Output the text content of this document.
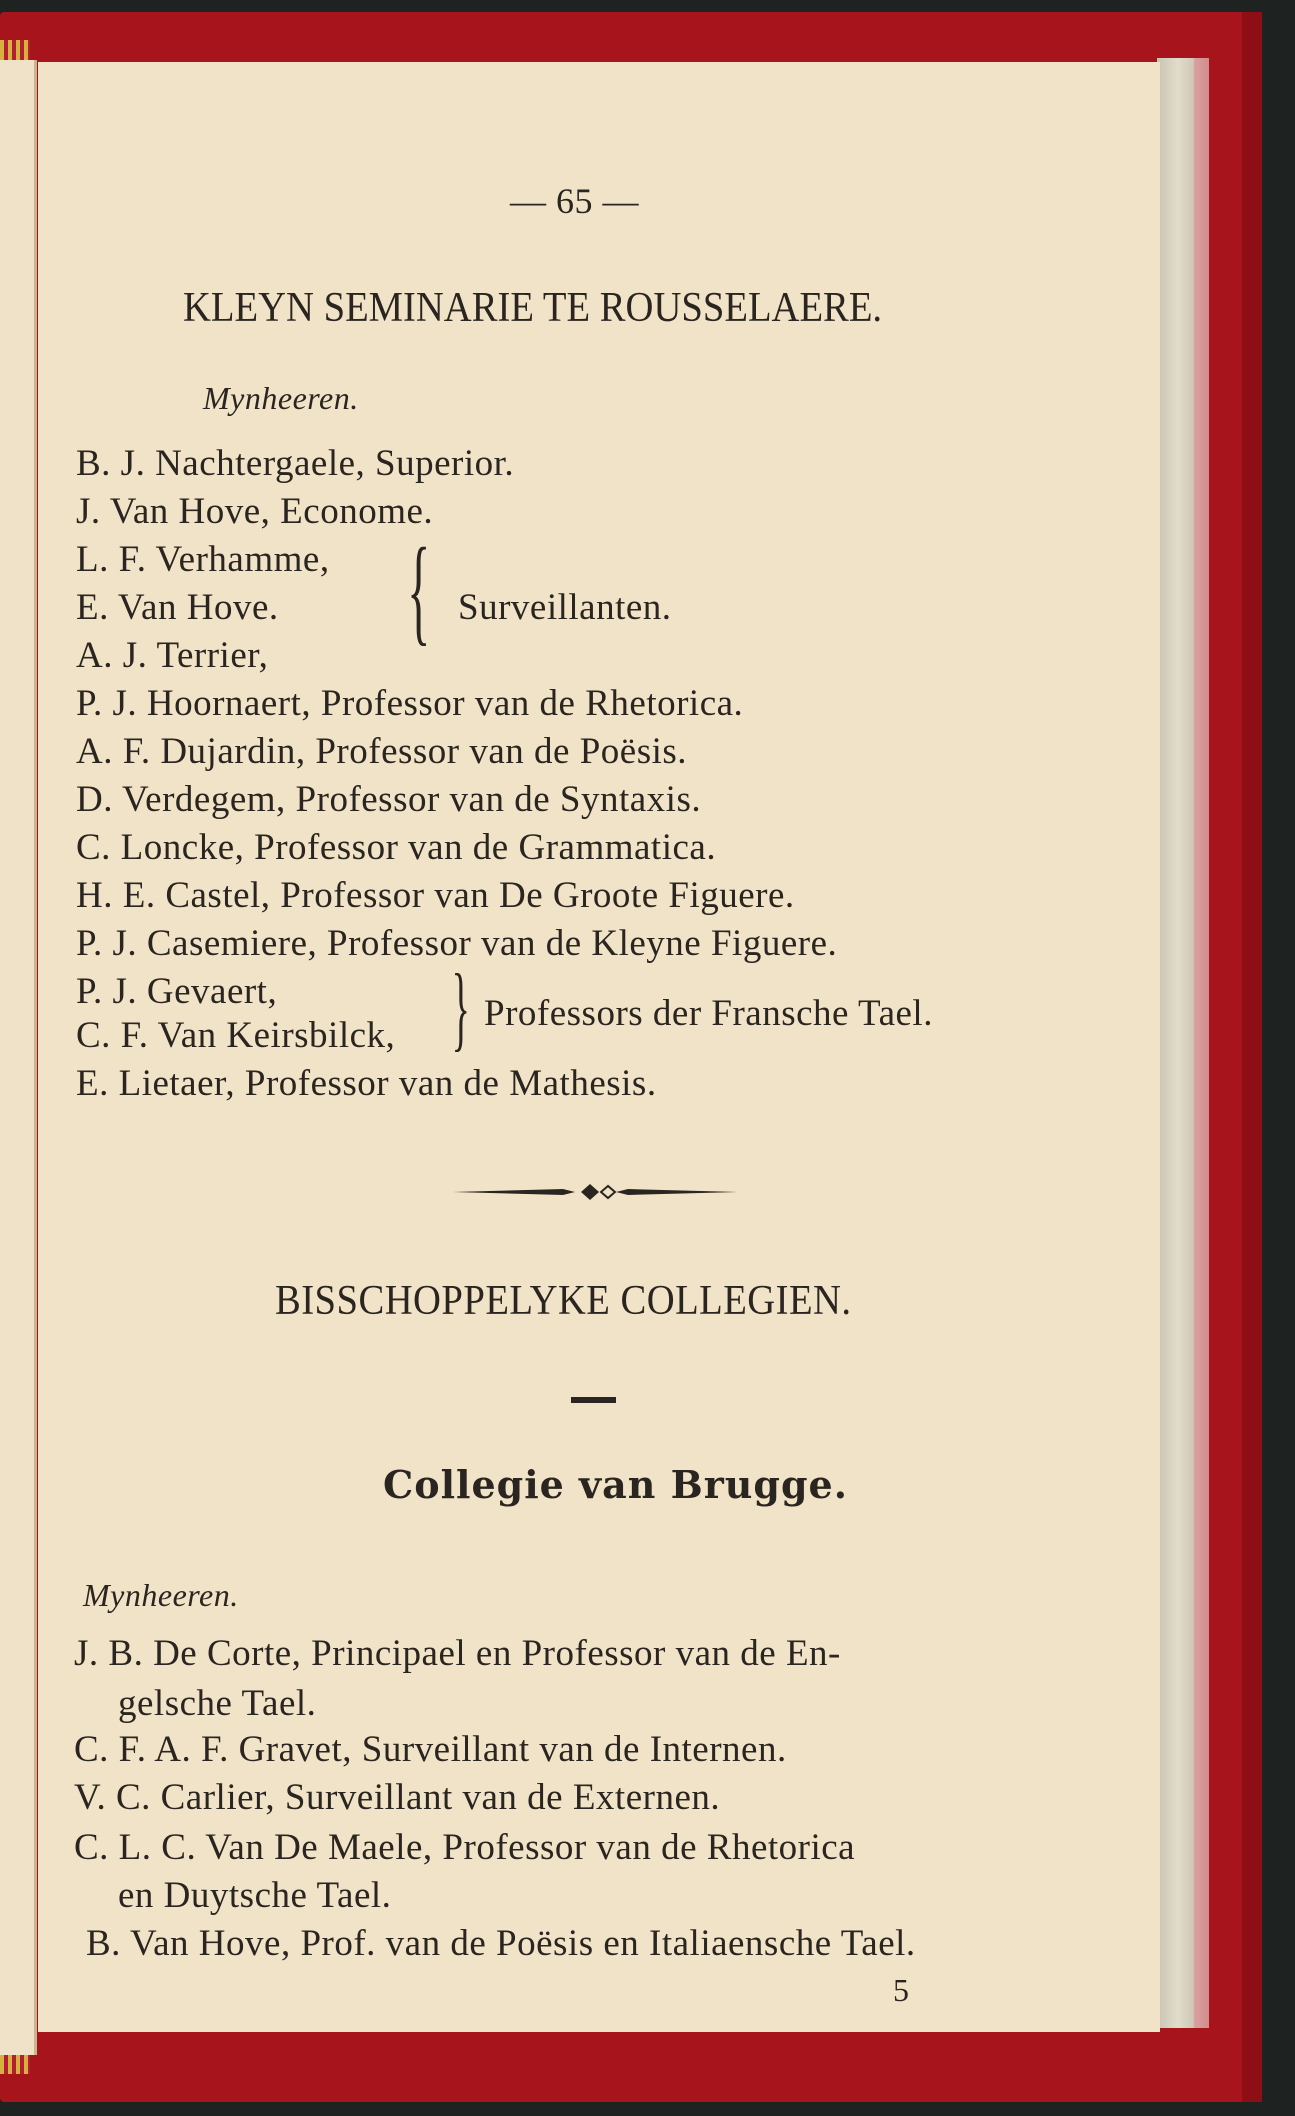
— 65 —
KLEYN SEMINARIE TE ROUSSELAERE.
Mynheeren.
B. J. Nachtergaele, Superior.
J. Van Hove, Econome.
L. F. Verhamme,
E. Van Hove.
A. J. Terrier, { Surveillanten.
P. J. Hoornaert, Professor van de Rhetorica.
A. F. Dujardin, Professor van de Poësis.
D. Verdegem, Professor van de Syntaxis.
C. Loncke, Professor van de Grammatica.
H. E. Castel, Professor van De Groote Figuere.
P. J. Casemiere, Professor van de Kleyne Figuere.
P. J. Gevaert,
C. F. Van Keirsbilck, } Professors der Fransche Tael.
E. Lietaer, Professor van de Mathesis.
BISSCHOPPELYKE COLLEGIEN.
Collegie van Brugge.
Mynheeren.
J. B. De Corte, Principael en Professor van de En-
gelsche Tael.
C. F. A. F. Gravet, Surveillant van de Internen.
V. C. Carlier, Surveillant van de Externen.
C. L. C. Van De Maele, Professor van de Rhetorica
en Duytsche Tael.
B. Van Hove, Prof. van de Poësis en Italiaensche Tael.
5
